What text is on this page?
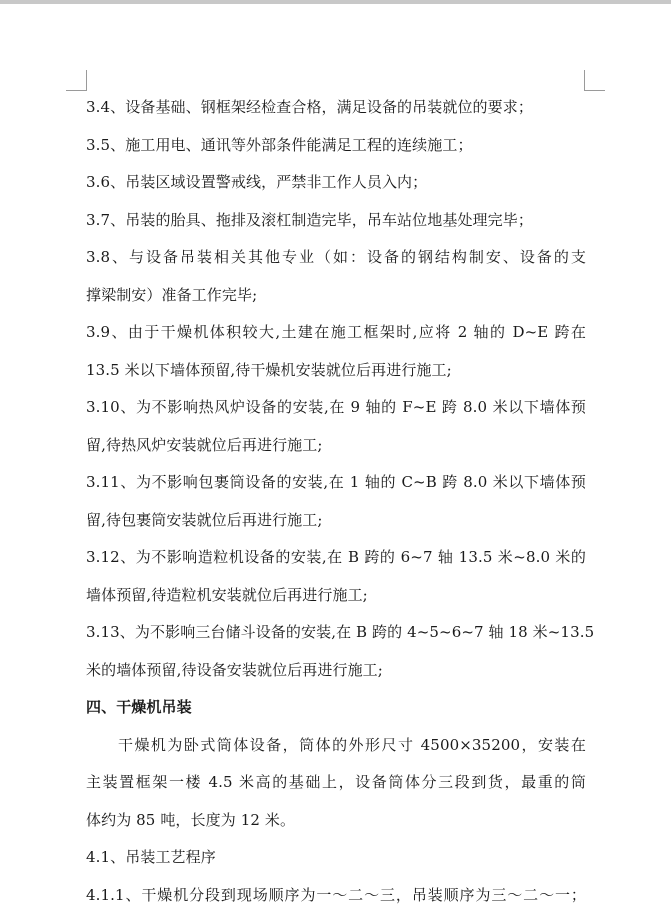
3.4、设备基础、钢框架经检查合格，满足设备的吊装就位的要求；
3.5、施工用电、通讯等外部条件能满足工程的连续施工；
3.6、吊装区域设置警戒线，严禁非工作人员入内；
3.7、吊装的胎具、拖排及滚杠制造完毕，吊车站位地基处理完毕；
3.8、与设备吊装相关其他专业（如：设备的钢结构制安、设备的支
撑梁制安）准备工作完毕;
3.9、由于干燥机体积较大,土建在施工框架时,应将 2 轴的 D~E 跨在
13.5 米以下墙体预留,待干燥机安装就位后再进行施工;
3.10、为不影响热风炉设备的安装,在 9 轴的 F~E 跨 8.0 米以下墙体预
留,待热风炉安装就位后再进行施工;
3.11、为不影响包裹筒设备的安装,在 1 轴的 C~B 跨 8.0 米以下墙体预
留,待包裹筒安装就位后再进行施工;
3.12、为不影响造粒机设备的安装,在 B 跨的 6~7 轴 13.5 米~8.0 米的
墙体预留,待造粒机安装就位后再进行施工;
3.13、为不影响三台储斗设备的安装,在 B 跨的 4~5~6~7 轴 18 米~13.5
米的墙体预留,待设备安装就位后再进行施工;
四、干燥机吊装
干燥机为卧式筒体设备，筒体的外形尺寸 4500×35200，安装在
主装置框架一楼 4.5 米高的基础上，设备筒体分三段到货，最重的筒
体约为 85 吨，长度为 12 米。
4.1、吊装工艺程序
4.1.1、干燥机分段到现场顺序为一～二～三，吊装顺序为三～二～一；
